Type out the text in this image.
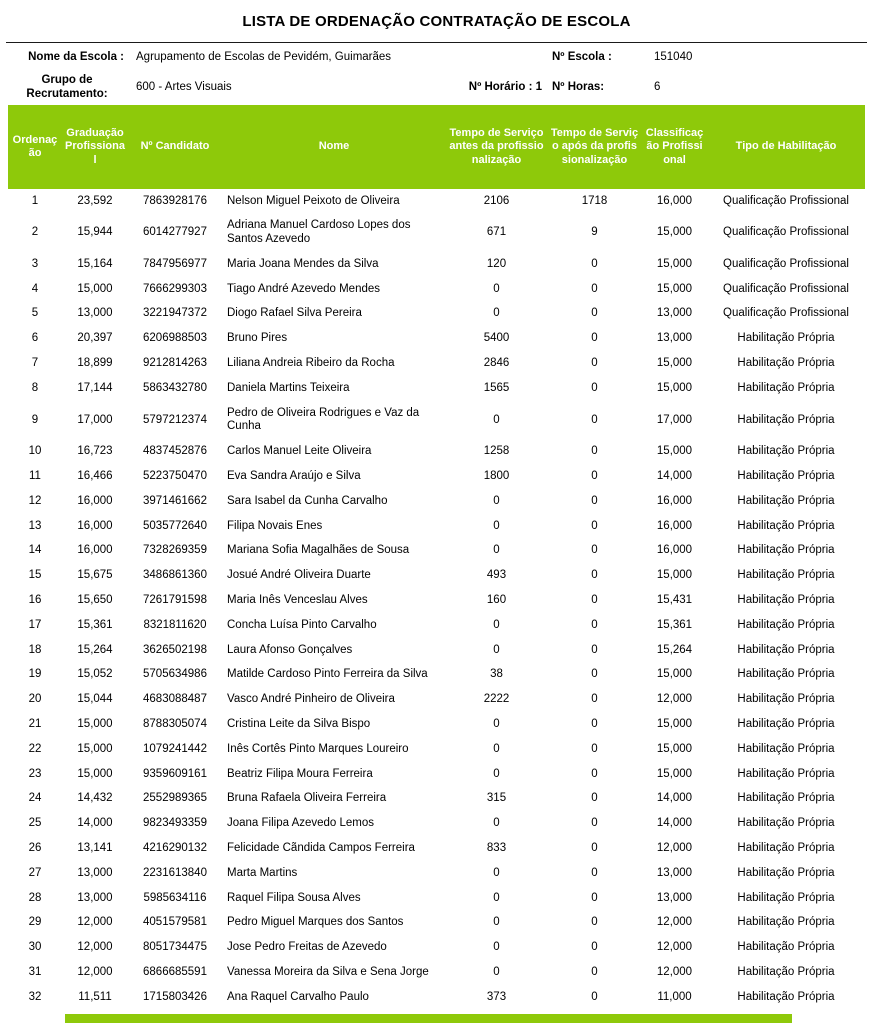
LISTA DE ORDENAÇÃO CONTRATAÇÃO DE ESCOLA
Nome da Escola :	Agrupamento de Escolas de Pevidém, Guimarães	Nº Escola :	151040
Grupo de Recrutamento:
600 - Artes Visuais	Nº Horário : 1 Nº Horas:	6
Ordenação	Graduação Profissional	Nº Candidato	Nome	Tempo de Serviço antes da profissionalização	Tempo de Serviço após da profissionalização	Classificação Profissional	Tipo de Habilitação
1	23,592	7863928176	Nelson Miguel Peixoto de Oliveira	2106	1718	16,000	Qualificação Profissional
2	15,944	6014277927	Adriana Manuel Cardoso Lopes dos Santos Azevedo	671	9	15,000	Qualificação Profissional
3	15,164	7847956977	Maria Joana Mendes da Silva	120	0	15,000	Qualificação Profissional
4	15,000	7666299303	Tiago André Azevedo Mendes	0	0	15,000	Qualificação Profissional
5	13,000	3221947372	Diogo Rafael Silva Pereira	0	0	13,000	Qualificação Profissional
6	20,397	6206988503	Bruno Pires	5400	0	13,000	Habilitação Própria
7	18,899	9212814263	Liliana Andreia Ribeiro da Rocha	2846	0	15,000	Habilitação Própria
8	17,144	5863432780	Daniela Martins Teixeira	1565	0	15,000	Habilitação Própria
9	17,000	5797212374	Pedro de Oliveira Rodrigues e Vaz da Cunha	0	0	17,000	Habilitação Própria
10	16,723	4837452876	Carlos Manuel Leite Oliveira	1258	0	15,000	Habilitação Própria
11	16,466	5223750470	Eva Sandra Araújo e Silva	1800	0	14,000	Habilitação Própria
12	16,000	3971461662	Sara Isabel da Cunha Carvalho	0	0	16,000	Habilitação Própria
13	16,000	5035772640	Filipa Novais Enes	0	0	16,000	Habilitação Própria
14	16,000	7328269359	Mariana Sofia Magalhães de Sousa	0	0	16,000	Habilitação Própria
15	15,675	3486861360	Josué André Oliveira Duarte	493	0	15,000	Habilitação Própria
16	15,650	7261791598	Maria Inês Venceslau Alves	160	0	15,431	Habilitação Própria
17	15,361	8321811620	Concha Luísa Pinto Carvalho	0	0	15,361	Habilitação Própria
18	15,264	3626502198	Laura Afonso Gonçalves	0	0	15,264	Habilitação Própria
19	15,052	5705634986	Matilde Cardoso Pinto Ferreira da Silva	38	0	15,000	Habilitação Própria
20	15,044	4683088487	Vasco André Pinheiro de Oliveira	2222	0	12,000	Habilitação Própria
21	15,000	8788305074	Cristina Leite da Silva Bispo	0	0	15,000	Habilitação Própria
22	15,000	1079241442	Inês Cortês Pinto Marques Loureiro	0	0	15,000	Habilitação Própria
23	15,000	9359609161	Beatriz Filipa Moura Ferreira	0	0	15,000	Habilitação Própria
24	14,432	2552989365	Bruna Rafaela Oliveira Ferreira	315	0	14,000	Habilitação Própria
25	14,000	9823493359	Joana Filipa Azevedo Lemos	0	0	14,000	Habilitação Própria
26	13,141	4216290132	Felicidade Cãndida Campos Ferreira	833	0	12,000	Habilitação Própria
27	13,000	2231613840	Marta Martins	0	0	13,000	Habilitação Própria
28	13,000	5985634116	Raquel Filipa Sousa Alves	0	0	13,000	Habilitação Própria
29	12,000	4051579581	Pedro Miguel Marques dos Santos	0	0	12,000	Habilitação Própria
30	12,000	8051734475	Jose Pedro Freitas de Azevedo	0	0	12,000	Habilitação Própria
31	12,000	6866685591	Vanessa Moreira da Silva e Sena Jorge	0	0	12,000	Habilitação Própria
32	11,511	1715803426	Ana Raquel Carvalho Paulo	373	0	11,000	Habilitação Própria
